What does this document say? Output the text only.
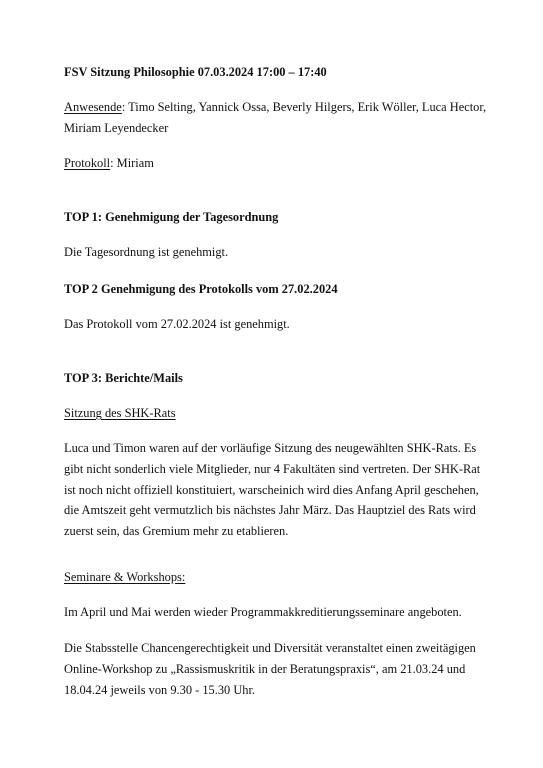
FSV Sitzung Philosophie 07.03.2024 17:00 – 17:40
Anwesende: Timo Selting, Yannick Ossa, Beverly Hilgers, Erik Wöller, Luca Hector,
Miriam Leyendecker
Protokoll: Miriam
TOP 1: Genehmigung der Tagesordnung
Die Tagesordnung ist genehmigt.
TOP 2 Genehmigung des Protokolls vom 27.02.2024
Das Protokoll vom 27.02.2024 ist genehmigt.
TOP 3: Berichte/Mails
Sitzung des SHK-Rats
Luca und Timon waren auf der vorläufige Sitzung des neugewählten SHK-Rats. Es
gibt nicht sonderlich viele Mitglieder, nur 4 Fakultäten sind vertreten. Der SHK-Rat
ist noch nicht offiziell konstituiert, warscheinich wird dies Anfang April geschehen,
die Amtszeit geht vermutzlich bis nächstes Jahr März. Das Hauptziel des Rats wird
zuerst sein, das Gremium mehr zu etablieren.
Seminare & Workshops:
Im April und Mai werden wieder Programmakkreditierungsseminare angeboten.
Die Stabsstelle Chancengerechtigkeit und Diversität veranstaltet einen zweitägigen
Online-Workshop zu „Rassismuskritik in der Beratungspraxis“, am 21.03.24 und
18.04.24 jeweils von 9.30 - 15.30 Uhr.
